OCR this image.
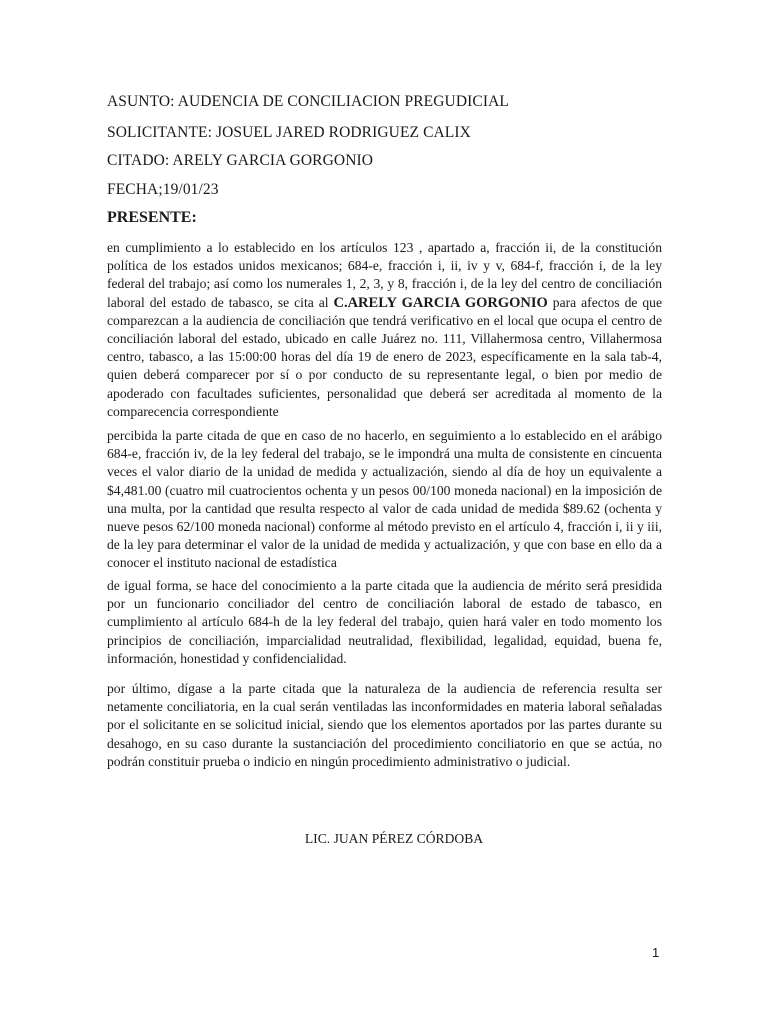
ASUNTO: AUDENCIA DE CONCILIACION PREGUDICIAL
SOLICITANTE: JOSUEL JARED RODRIGUEZ CALIX
CITADO: ARELY GARCIA GORGONIO
FECHA;19/01/23
PRESENTE:

en cumplimiento a lo establecido en los artículos 123 , apartado a, fracción ii, de la constitución política de los estados unidos mexicanos; 684-e, fracción i, ii, iv y v, 684-f, fracción i, de la ley federal del trabajo; así como los numerales 1, 2, 3, y 8, fracción i, de la ley del centro de conciliación laboral del estado de tabasco, se cita al C.ARELY GARCIA GORGONIO para afectos de que comparezcan a la audiencia de conciliación que tendrá verificativo en el local que ocupa el centro de conciliación laboral del estado, ubicado en calle Juárez no. 111, Villahermosa centro, Villahermosa centro, tabasco, a las 15:00:00 horas del día 19 de enero de 2023, específicamente en la sala tab-4, quien deberá comparecer por sí o por conducto de su representante legal, o bien por medio de apoderado con facultades suficientes, personalidad que deberá ser acreditada al momento de la comparecencia correspondiente

percibida la parte citada de que en caso de no hacerlo, en seguimiento a lo establecido en el arábigo 684-e, fracción iv, de la ley federal del trabajo, se le impondrá una multa de consistente en cincuenta veces el valor diario de la unidad de medida y actualización, siendo al día de hoy un equivalente a $4,481.00 (cuatro mil cuatrocientos ochenta y un pesos 00/100 moneda nacional) en la imposición de una multa, por la cantidad que resulta respecto al valor de cada unidad de medida $89.62 (ochenta y nueve pesos 62/100 moneda nacional) conforme al método previsto en el artículo 4, fracción i, ii y iii, de la ley para determinar el valor de la unidad de medida y actualización, y que con base en ello da a conocer el instituto nacional de estadística

de igual forma, se hace del conocimiento a la parte citada que la audiencia de mérito será presidida por un funcionario conciliador del centro de conciliación laboral de estado de tabasco, en cumplimiento al artículo 684-h de la ley federal del trabajo, quien hará valer en todo momento los principios de conciliación, imparcialidad neutralidad, flexibilidad, legalidad, equidad, buena fe, información, honestidad y confidencialidad.

por último, dígase a la parte citada que la naturaleza de la audiencia de referencia resulta ser netamente conciliatoria, en la cual serán ventiladas las inconformidades en materia laboral señaladas por el solicitante en se solicitud inicial, siendo que los elementos aportados por las partes durante su desahogo, en su caso durante la sustanciación del procedimiento conciliatorio en que se actúa, no podrán constituir prueba o indicio en ningún procedimiento administrativo o judicial.

LIC. JUAN PÉREZ CÓRDOBA
1
